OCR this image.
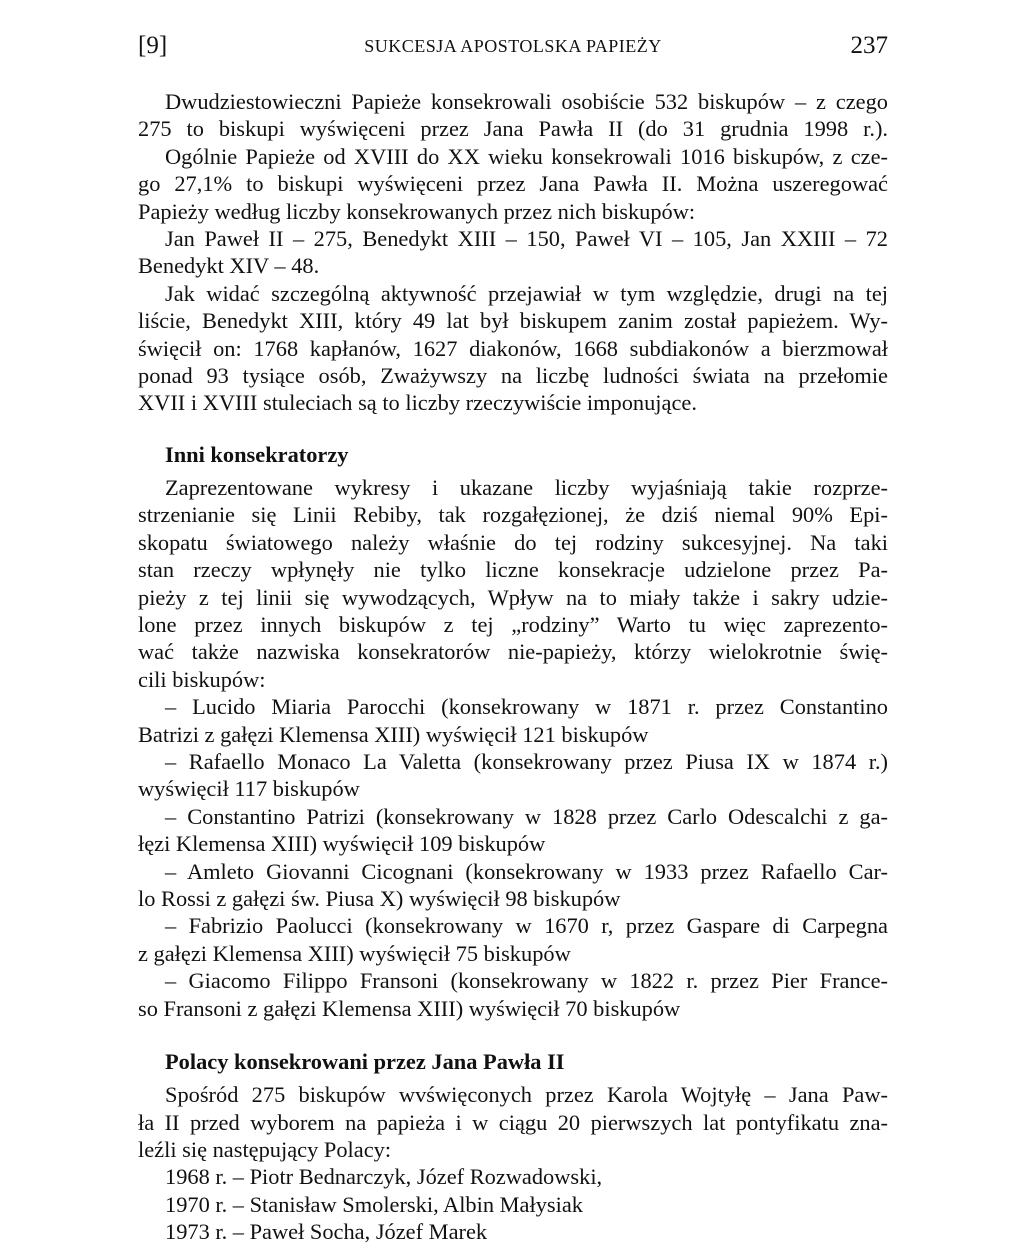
[9]	SUKCESJA APOSTOLSKA PAPIEŻY	237
Dwudziestowieczni Papieże konsekrowali osobiście 532 biskupów – z czego
275 to biskupi wyświęceni przez Jana Pawła II (do 31 grudnia 1998 r.).
Ogólnie Papieże od XVIII do XX wieku konsekrowali 1016 biskupów, z cze-
go 27,1% to biskupi wyświęceni przez Jana Pawła II. Można uszeregować
Papieży według liczby konsekrowanych przez nich biskupów:
Jan Paweł II – 275, Benedykt XIII – 150, Paweł VI – 105, Jan XXIII – 72
Benedykt XIV – 48.
Jak widać szczególną aktywność przejawiał w tym względzie, drugi na tej
liście, Benedykt XIII, który 49 lat był biskupem zanim został papieżem. Wy-
święcił on: 1768 kapłanów, 1627 diakonów, 1668 subdiakonów a bierzmował
ponad 93 tysiące osób, Zważywszy na liczbę ludności świata na przełomie
XVII i XVIII stuleciach są to liczby rzeczywiście imponujące.
Inni konsekratorzy
Zaprezentowane wykresy i ukazane liczby wyjaśniają takie rozprze-
strzenianie się Linii Rebiby, tak rozgałęzionej, że dziś niemal 90% Epi-
skopatu światowego należy właśnie do tej rodziny sukcesyjnej. Na taki
stan rzeczy wpłynęły nie tylko liczne konsekracje udzielone przez Pa-
pieży z tej linii się wywodzących, Wpływ na to miały także i sakry udzie-
lone przez innych biskupów z tej „rodziny” Warto tu więc zaprezento-
wać także nazwiska konsekratorów nie-papieży, którzy wielokrotnie świę-
cili biskupów:
– Lucido Miaria Parocchi (konsekrowany w 1871 r. przez Constantino
Batrizi z gałęzi Klemensa XIII) wyświęcił 121 biskupów
– Rafaello Monaco La Valetta (konsekrowany przez Piusa IX w 1874 r.)
wyświęcił 117 biskupów
– Constantino Patrizi (konsekrowany w 1828 przez Carlo Odescalchi z ga-
łęzi Klemensa XIII) wyświęcił 109 biskupów
– Amleto Giovanni Cicognani (konsekrowany w 1933 przez Rafaello Car-
lo Rossi z gałęzi św. Piusa X) wyświęcił 98 biskupów
– Fabrizio Paolucci (konsekrowany w 1670 r, przez Gaspare di Carpegna
z gałęzi Klemensa XIII) wyświęcił 75 biskupów
– Giacomo Filippo Fransoni (konsekrowany w 1822 r. przez Pier France-
so Fransoni z gałęzi Klemensa XIII) wyświęcił 70 biskupów
Polacy konsekrowani przez Jana Pawła II
Spośród 275 biskupów wvświęconych przez Karola Wojtyłę – Jana Paw-
ła II przed wyborem na papieża i w ciągu 20 pierwszych lat pontyfikatu zna-
leźli się następujący Polacy:
1968 r. – Piotr Bednarczyk, Józef Rozwadowski,
1970 r. – Stanisław Smolerski, Albin Małysiak
1973 r. – Paweł Socha, Józef Marek
